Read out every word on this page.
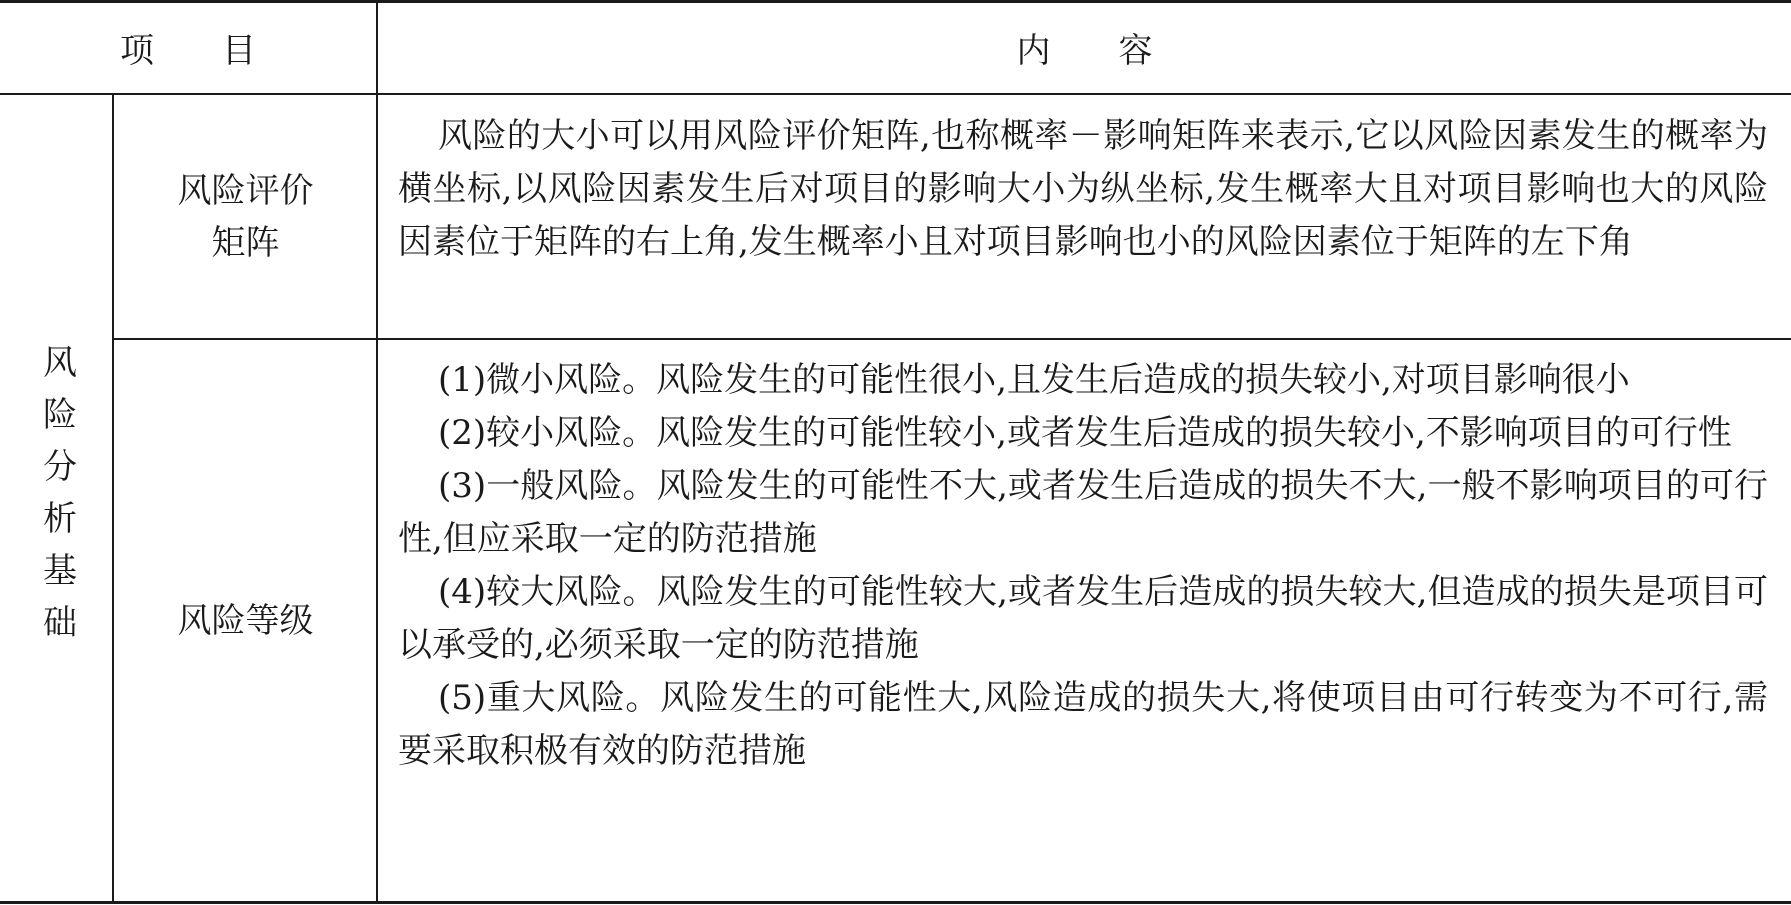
项　　目	内　　容
风险分析基础
风险评价矩阵

风险的大小可以用风险评价矩阵,也称概率－影响矩阵来表示,它以风险因素发生的概率为横坐标,以风险因素发生后对项目的影响大小为纵坐标,发生概率大且对项目影响也大的风险因素位于矩阵的右上角,发生概率小且对项目影响也小的风险因素位于矩阵的左下角

风险等级

(1)微小风险。风险发生的可能性很小,且发生后造成的损失较小,对项目影响很小

(2)较小风险。风险发生的可能性较小,或者发生后造成的损失较小,不影响项目的可行性

(3)一般风险。风险发生的可能性不大,或者发生后造成的损失不大,一般不影响项目的可行性,但应采取一定的防范措施

(4)较大风险。风险发生的可能性较大,或者发生后造成的损失较大,但造成的损失是项目可以承受的,必须采取一定的防范措施

(5)重大风险。风险发生的可能性大,风险造成的损失大,将使项目由可行转变为不可行,需要采取积极有效的防范措施
